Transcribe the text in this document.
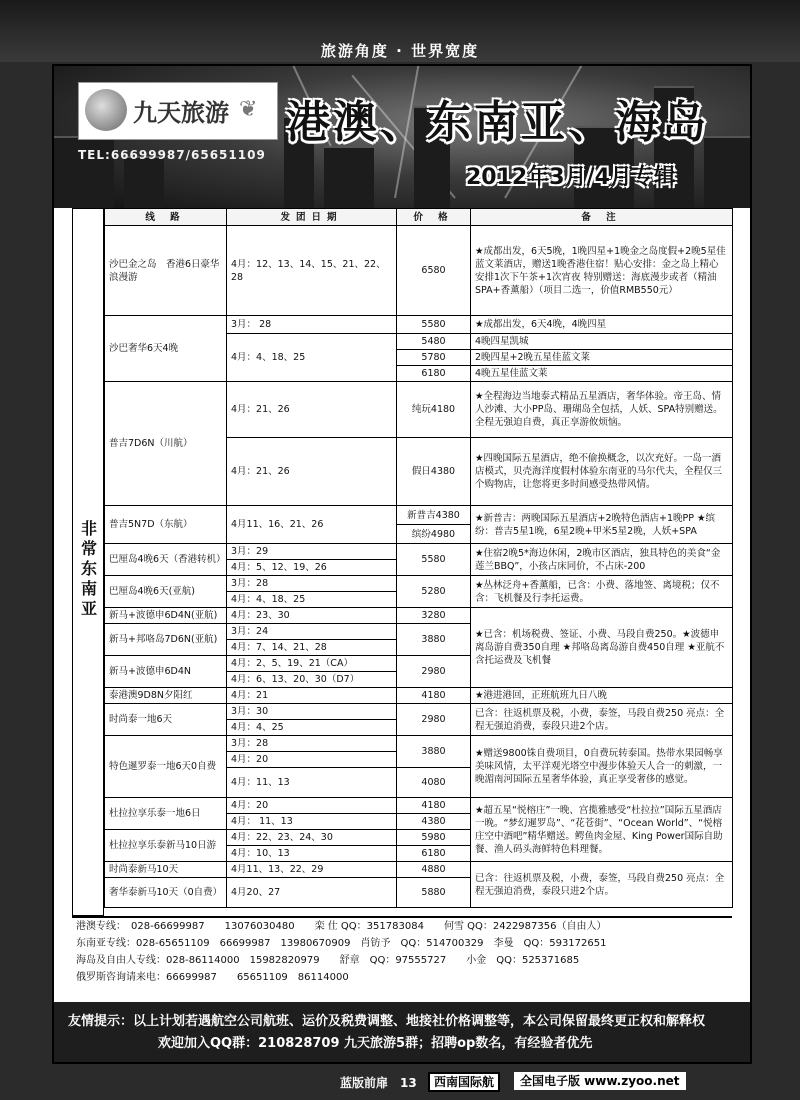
旅游角度 · 世界宽度
九天旅游 ❦
TEL:66699987/65651109
港澳、东南亚、海岛
2012年3月/4月专辑
非常东南亚
线 路	发团日期	价 格	备 注
沙巴金之岛　香港6日豪华浪漫游	4月：12、13、14、15、21、22、28	6580	★成都出发，6天5晚，1晚四星+1晚金之岛度假+2晚5星佳蓝文莱酒店，赠送1晚香港住宿！贴心安排：金之岛上精心安排1次下午茶+1次宵夜 特别赠送：海底漫步或者（精油SPA+香薰船）（项目二选一，价值RMB550元）
沙巴奢华6天4晚	3月： 28	5580	★成都出发，6天4晚，4晚四星
	4月：4、18、25	5480	4晚四星凯城
		5780	2晚四星+2晚五星佳蓝文莱
		6180	4晚五星佳蓝文莱
普吉7D6N（川航）	4月：21、26	纯玩4180	★全程海边当地泰式精品五星酒店，奢华体验。帝王岛、情人沙滩、大小PP岛、珊瑚岛全包括，人妖、SPA特别赠送。全程无强迫自费，真正享游攸烦恼。
	4月：21、26	假日4380	★四晚国际五星酒店，绝不偷换概念，以次充好。一岛一酒店模式，贝壳海洋度假村体验东南亚的马尔代夫，全程仅三个购物店，让您将更多时间感受热带风情。
普吉5N7D（东航）	4月11、16、21、26	新普吉4380	★新普吉：两晚国际五星酒店+2晚特色酒店+1晚PP ★缤纷：普吉5星1晚，6星2晚+甲米5星2晚，人妖+SPA
		缤纷4980	
巴厘岛4晚6天（香港转机）	3月：29	5580	★住宿2晚5*海边休闲，2晚市区酒店，独具特色的美食“金莲兰BBQ”，小孩占床同价，不占床-200
	4月：5、12、19、26		
巴厘岛4晚6天(亚航)	3月：28	5280	★丛林泛舟+香薰船，已含：小费、落地签、离境税；仅不含：飞机餐及行李托运费。
	4月：4、18、25		
新马+波德申6D4N(亚航)	4月：23、30	3280	★已含：机场税费、签证、小费、马段自费250。★波德申离岛游自费350自理 ★邦咯岛离岛游自费450自理 ★亚航不含托运费及飞机餐
新马+邦咯岛7D6N(亚航)	3月：24	3880	
	4月：7、14、21、28		
新马+波德申6D4N	4月：2、5、19、21（CA）	2980	
	4月：6、13、20、30（D7）		
泰港澳9D8N夕阳红	4月：21	4180	★港进港回，正班航班九日八晚
时尚泰一地6天	3月：30	2980	已含：往返机票及税，小费，泰签，马段自费250 亮点：全程无强迫消费，泰段只进2个店。
	4月：4、25		
特色暹罗泰一地6天0自费	3月：28	3880	★赠送9800铢自费项目，0自费玩转泰国。热带水果园畅享美味风情，太平洋观光塔空中漫步体验天人合一的刺激，一晚湄南河国际五星奢华体验，真正享受奢侈的感觉。
	4月：20		
	4月：11、13	4080	
杜拉拉享乐泰一地6日	4月：20	4180	★超五星“悦榕庄”一晚、宫揽雅感受“杜拉拉”国际五星酒店一晚。“梦幻暹罗岛”、“花苍街”、“Ocean World”、“悦榕庄空中酒吧”精华赠送。鳄鱼肉金屋、King Power国际自助餐、渔人码头海鲜特色料理餐。
	4月： 11、13	4380	
杜拉拉享乐泰新马10日游	4月：22、23、24、30	5980	
	4月：10、13	6180	
时尚泰新马10天	4月11、13、22、29	4880	已含：往返机票及税，小费，泰签，马段自费250 亮点：全程无强迫消费，泰段只进2个店。
奢华泰新马10天（0自费）	4月20、27	5880	
港澳专线：　028-66699987　　13076030480　　栾 仕 QQ：351783084　　何雪 QQ：2422987356（自由人）
东南亚专线：028-65651109　66699987　13980670909　肖钫予　QQ：514700329　李曼　QQ：593172651
海岛及自由人专线：028-86114000　15982820979　　舒章　QQ：97555727　　小金　QQ：525371685
俄罗斯咨询请来电：66699987　　65651109　86114000
友情提示：以上计划若遇航空公司航班、运价及税费调整、地接社价格调整等，本公司保留最终更正权和解释权
欢迎加入QQ群：210828709 九天旅游5群；招聘op数名，有经验者优先
蓝版前扉　13	西南国际航	全国电子版 www.zyoo.net
